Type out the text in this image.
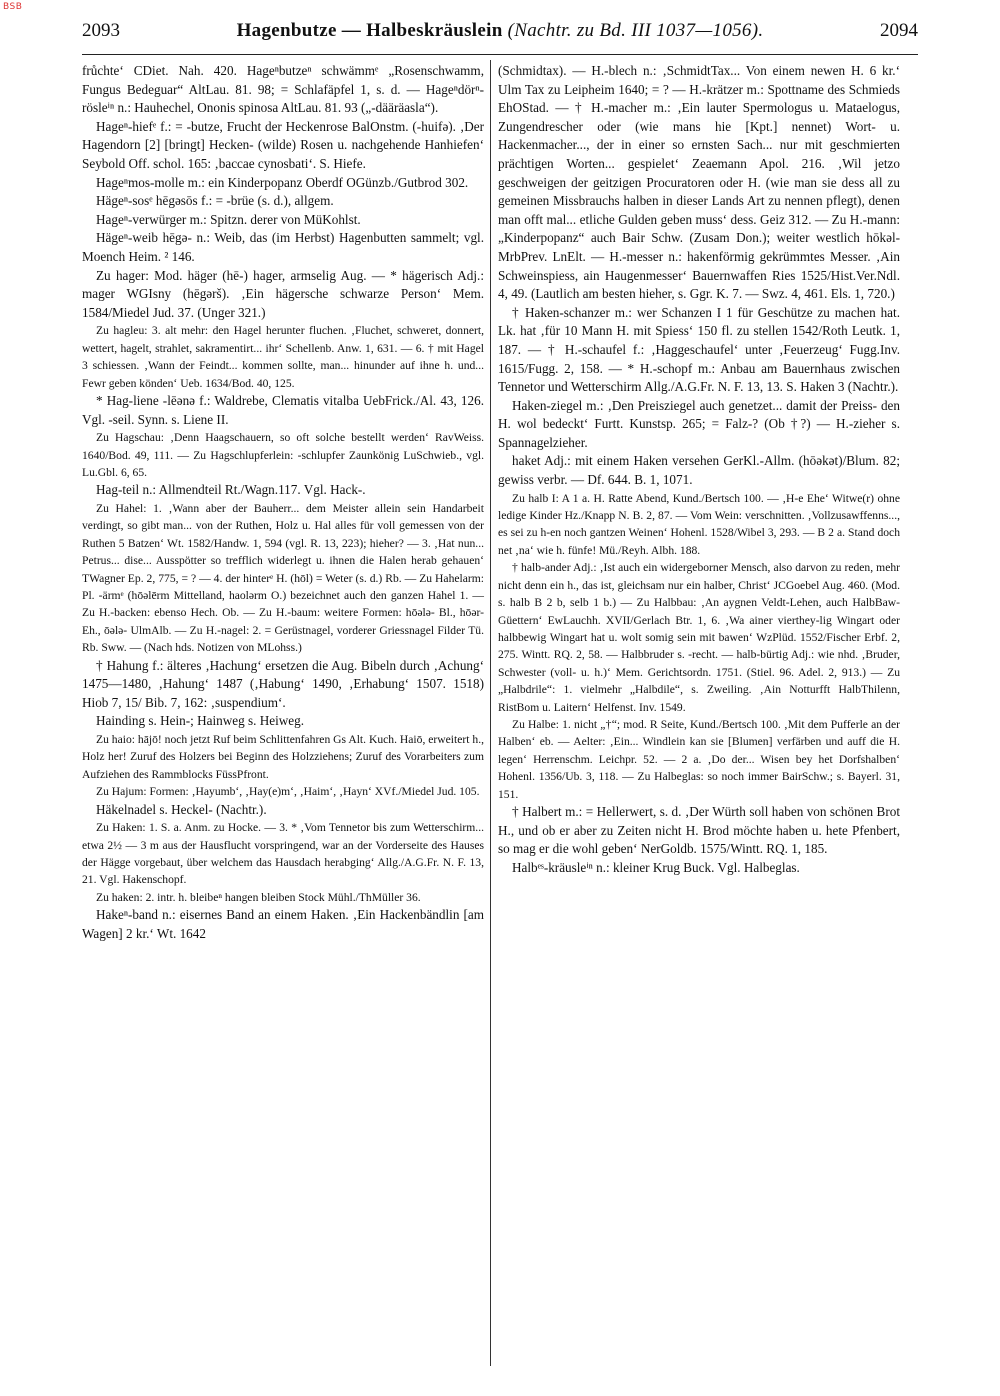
BSB
2093	Hagenbutze — Halbeskräuslein (Nachtr. zu Bd. III 1037—1056).	2094

frůchte‘ CDiet. Nah. 420. Hageⁿbutzeⁿ schwämmᵉ „Rosenschwamm, Fungus Bedeguar“ AltLau. 81. 98; = Schlafäpfel 1, s. d. — Hageⁿdörⁿ-rösleⁱⁿ n.: Hauhechel, Ononis spinosa AltLau. 81. 93 („-dääräasla“).

Hageⁿ-hiefᵉ f.: = -butze, Frucht der Heckenrose BalOnstm. (-huifə). ‚Der Hagendorn [2] [bringt] Hecken- (wilde) Rosen u. nachgehende Hanhiefen‘ Seybold Off. schol. 165: ‚baccae cynosbati‘. S. Hiefe.

Hageⁿmos-molle m.: ein Kinderpopanz Oberdf OGünzb./Gutbrod 302.

Hägeⁿ-sosᵉ hēgəsōs f.: = -brüe (s. d.), allgem.

Hageⁿ-verwürger m.: Spitzn. derer von MüKohlst.

Hägeⁿ-weib hēgə- n.: Weib, das (im Herbst) Hagenbutten sammelt; vgl. Moench Heim. ² 146.

Zu hager: Mod. häger (hē-) hager, armselig Aug. — * hägerisch Adj.: mager WGIsny (hēgərš). ‚Ein hägersche schwarze Person‘ Mem. 1584/Miedel Jud. 37. (Unger 321.)

Zu hagleu: 3. alt mehr: den Hagel herunter fluchen. ‚Fluchet, schweret, donnert, wettert, hagelt, strahlet, sakramentirt... ihr‘ Schellenb. Anw. 1, 631. — 6. † mit Hagel 3 schiessen. ‚Wann der Feindt... kommen sollte, man... hinunder auf ihne h. und... Fewr geben könden‘ Ueb. 1634/Bod. 40, 125.

* Hag-liene -lēənə f.: Waldrebe, Clematis vitalba UebFrick./Al. 43, 126. Vgl. -seil. Synn. s. Liene II.

Zu Hagschau: ‚Denn Haagschauern, so oft solche bestellt werden‘ RavWeiss. 1640/Bod. 49, 111. — Zu Hagschlupferlein: -schlupfer Zaunkönig LuSchwieb., vgl. Lu.Gbl. 6, 65.

Hag-teil n.: Allmendteil Rt./Wagn.117. Vgl. Hack-.

Zu Hahel: 1. ‚Wann aber der Bauherr... dem Meister allein sein Handarbeit verdingt, so gibt man... von der Ruthen, Holz u. Hal alles für voll gemessen von der Ruthen 5 Batzen‘ Wt. 1582/Handw. 1, 594 (vgl. R. 13, 223); hieher? — 3. ‚Hat nun... Petrus... dise... Ausspötter so trefflich widerlegt u. ihnen die Halen herab gehauen‘ TWagner Ep. 2, 775, = ? — 4. der hinterᵉ H. (hōl) = Weter (s. d.) Rb. — Zu Hahelarm: Pl. -ärmᵉ (hōəlērm Mittelland, haolərm O.) bezeichnet auch den ganzen Hahel 1. — Zu H.-backen: ebenso Hech. Ob. — Zu H.-baum: weitere Formen: hōələ- Bl., hōər- Eh., ōələ- UlmAlb. — Zu H.-nagel: 2. = Gerüstnagel, vorderer Griessnagel Filder Tü. Rb. Sww. — (Nach hds. Notizen von MLohss.)

† Hahung f.: älteres ‚Hachung‘ ersetzen die Aug. Bibeln durch ‚Achung‘ 1475—1480, ‚Hahung‘ 1487 (‚Habung‘ 1490, ‚Erhabung‘ 1507. 1518) Hiob 7, 15/ Bib. 7, 162: ‚suspendium‘.

Hainding s. Hein-; Hainweg s. Heiweg.

Zu haio: hājō! noch jetzt Ruf beim Schlittenfahren Gs Alt. Kuch. Haiō, erweitert h., Holz her! Zuruf des Holzers bei Beginn des Holzziehens; Zuruf des Vorarbeiters zum Aufziehen des Rammblocks FüssPfront.

Zu Hajum: Formen: ‚Hayumb‘, ‚Hay(e)m‘, ‚Haim‘, ‚Hayn‘ XVf./Miedel Jud. 105.

Häkelnadel s. Heckel- (Nachtr.).

Zu Haken: 1. S. a. Anm. zu Hocke. — 3. * ‚Vom Tennetor bis zum Wetterschirm... etwa 2½ — 3 m aus der Hausflucht vorspringend, war an der Vorderseite des Hauses der Hägge vorgebaut, über welchem das Hausdach herabging‘ Allg./A.G.Fr. N. F. 13, 21. Vgl. Hakenschopf.

Zu haken: 2. intr. h. bleibeⁿ hangen bleiben Stock Mühl./ThMüller 36.

Hakeⁿ-band n.: eisernes Band an einem Haken. ‚Ein Hackenbändlin [am Wagen] 2 kr.‘ Wt. 1642

(Schmidtax). — H.-blech n.: ‚SchmidtTax... Von einem newen H. 6 kr.‘ Ulm Tax zu Leipheim 1640; = ? — H.-krätzer m.: Spottname des Schmieds EhOStad. — † H.-macher m.: ‚Ein lauter Spermologus u. Mataelogus, Zungendrescher oder (wie mans hie [Kpt.] nennet) Wort- u. Hackenmacher..., der in einer so ernsten Sach... nur mit geschmierten prächtigen Worten... gespielet‘ Zeaemann Apol. 216. ‚Wil jetzo geschweigen der geitzigen Procuratoren oder H. (wie man sie dess all zu gemeinen Missbrauchs halben in dieser Lands Art zu nennen pflegt), denen man offt mal... etliche Gulden geben muss‘ dess. Geiz 312. — Zu H.-mann: „Kinderpopanz“ auch Bair Schw. (Zusam Don.); weiter westlich hōkəl- MrbPrev. LnElt. — H.-messer n.: hakenförmig gekrümmtes Messer. ‚Ain Schweinspiess, ain Haugenmesser‘ Bauernwaffen Ries 1525/Hist.Ver.Ndl. 4, 49. (Lautlich am besten hieher, s. Ggr. K. 7. — Swz. 4, 461. Els. 1, 720.)

† Haken-schanzer m.: wer Schanzen I 1 für Geschütze zu machen hat. Lk. hat ‚für 10 Mann H. mit Spiess‘ 150 fl. zu stellen 1542/Roth Leutk. 1, 187. — † H.-schaufel f.: ‚Haggeschaufel‘ unter ‚Feuerzeug‘ Fugg.Inv. 1615/Fugg. 2, 158. — * H.-schopf m.: Anbau am Bauernhaus zwischen Tennetor und Wetterschirm Allg./A.G.Fr. N. F. 13, 13. S. Haken 3 (Nachtr.).

Haken-ziegel m.: ‚Den Preisziegel auch genetzet... damit der Preiss- den H. wol bedeckt‘ Furtt. Kunstsp. 265; = Falz-? (Ob †?) — H.-zieher s. Spannagelzieher.

haket Adj.: mit einem Haken versehen GerKl.-Allm. (hōəkət)/Blum. 82; gewiss verbr. — Df. 644. B. 1, 1071.

Zu halb I: A 1 a. H. Ratte Abend, Kund./Bertsch 100. — ‚H-e Ehe‘ Witwe(r) ohne ledige Kinder Hz./Knapp N. B. 2, 87. — Vom Wein: verschnitten. ‚Vollzusawffenns..., es sei zu h-en noch gantzen Weinen‘ Hohenl. 1528/Wibel 3, 293. — B 2 a. Stand doch net ‚na‘ wie h. fünfe! Mü./Reyh. Albh. 188.

† halb-ander Adj.: ‚Ist auch ein widergeborner Mensch, also darvon zu reden, mehr nicht denn ein h., das ist, gleichsam nur ein halber, Christ‘ JCGoebel Aug. 460. (Mod. s. halb B 2 b, selb 1 b.) — Zu Halbbau: ‚An aygnen Veldt-Lehen, auch HalbBaw-Güettern‘ EwLauchh. XVII/Gerlach Btr. 1, 6. ‚Wa ainer vierthey-lig Wingart oder halbbewig Wingart hat u. wolt somig sein mit bawen‘ WzPlüd. 1552/Fischer Erbf. 2, 275. Wintt. RQ. 2, 58. — Halbbruder s. -recht. — halb-bürtig Adj.: wie nhd. ‚Bruder, Schwester (voll- u. h.)‘ Mem. Gerichtsordn. 1751. (Stiel. 96. Adel. 2, 913.) — Zu „Halbdrile“: 1. vielmehr „Halbdile“, s. Zweiling. ‚Ain Notturfft HalbThilenn, RistBom u. Laitern‘ Helfenst. Inv. 1549.

Zu Halbe: 1. nicht „†“; mod. R Seite, Kund./Bertsch 100. ‚Mit dem Pufferle an der Halben‘ eb. — Aelter: ‚Ein... Windlein kan sie [Blumen] verfärben und auff die H. legen‘ Herrenschm. Leichpr. 52. — 2 a. ‚Do der... Wisen bey het Dorfshalben‘ Hohenl. 1356/Ub. 3, 118. — Zu Halbeglas: so noch immer BairSchw.; s. Bayerl. 31, 151.

† Halbert m.: = Hellerwert, s. d. ‚Der Würth soll haben von schönen Brot H., und ob er aber zu Zeiten nicht H. Brod möchte haben u. hete Pfenbert, so mag er die wohl geben‘ NerGoldb. 1575/Wintt. RQ. 1, 185.

Halbᵉˢ-kräusleⁱⁿ n.: kleiner Krug Buck. Vgl. Halbeglas.
